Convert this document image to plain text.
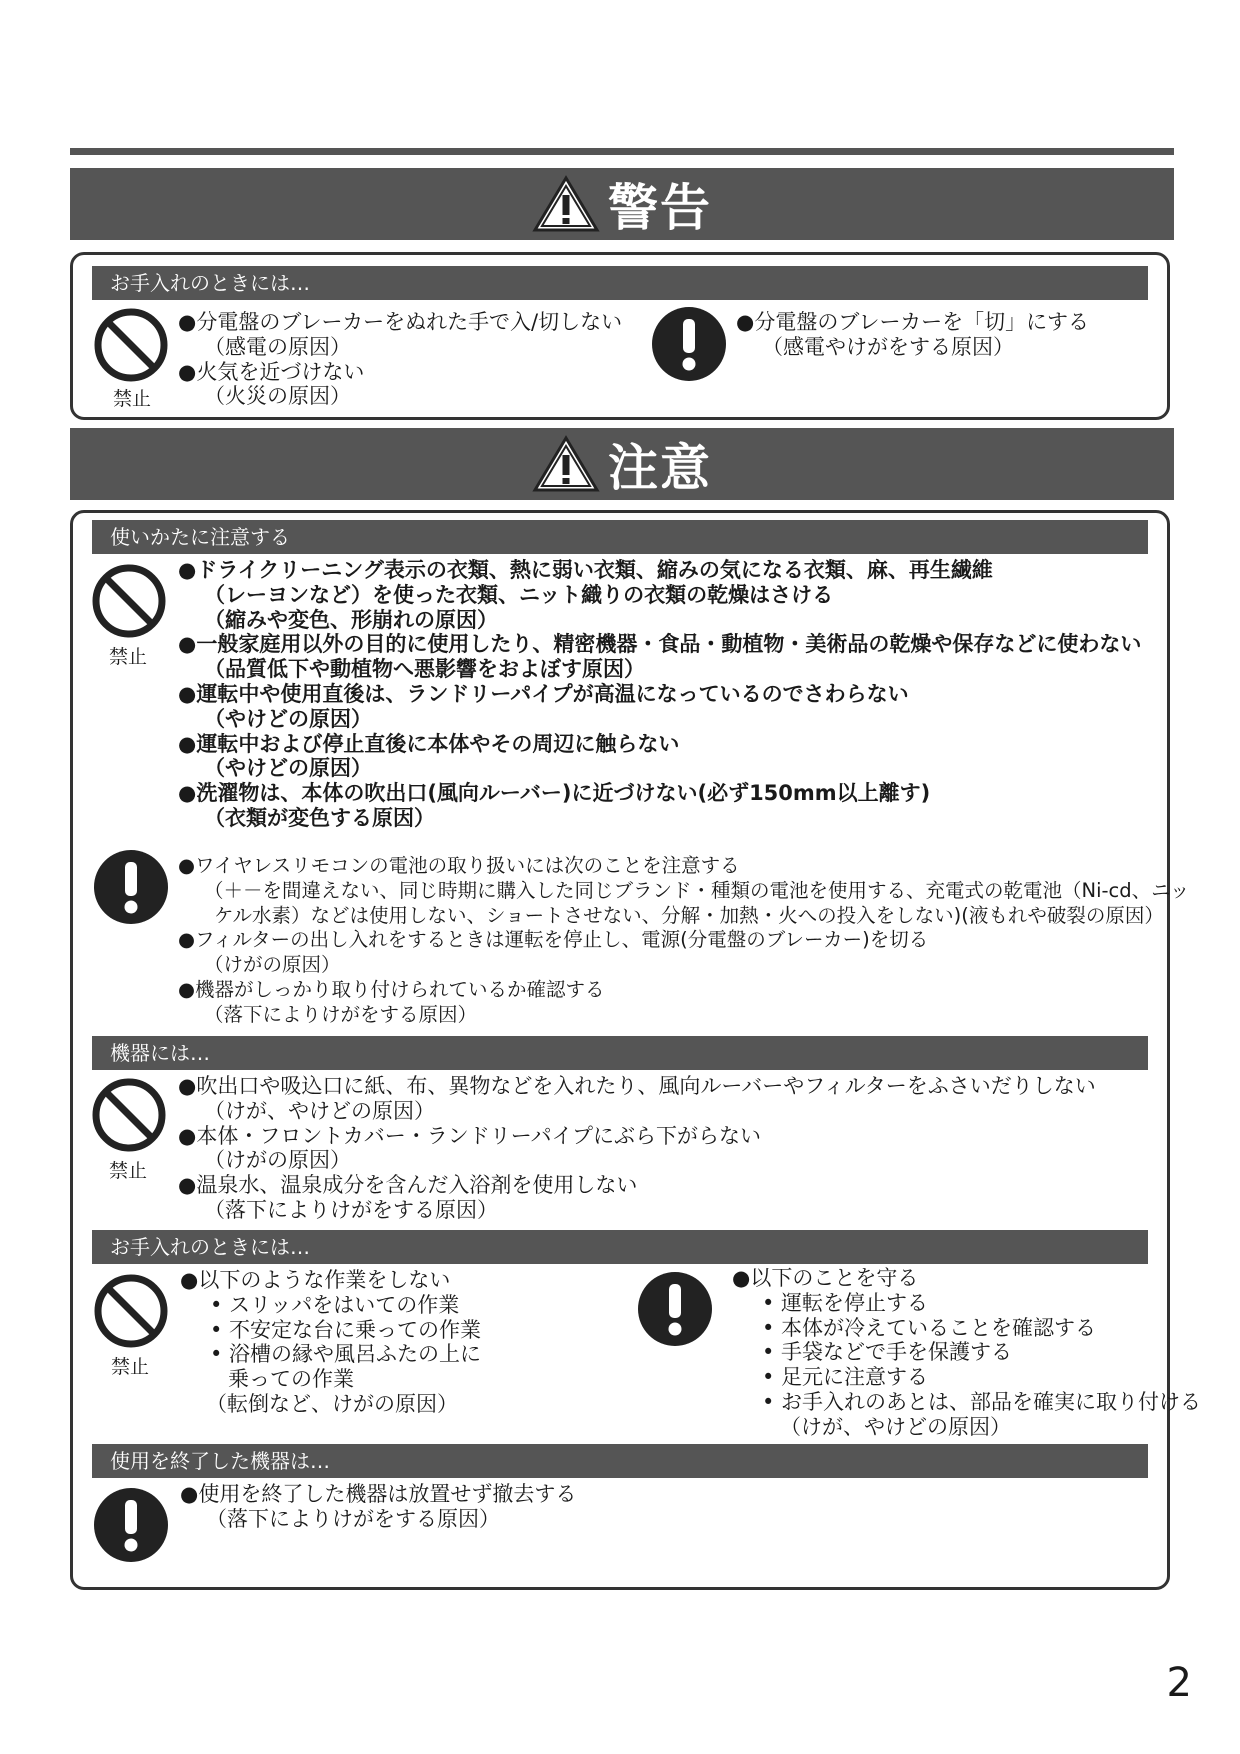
警告
お手入れのときには…
禁止
●分電盤のブレーカーをぬれた手で入/切しない
（感電の原因）
●火気を近づけない
（火災の原因）
●分電盤のブレーカーを「切」にする
（感電やけがをする原因）
注意
使いかたに注意する
禁止
●ドライクリーニング表示の衣類、熱に弱い衣類、縮みの気になる衣類、麻、再生繊維
（レーヨンなど）を使った衣類、ニット織りの衣類の乾燥はさける
（縮みや変色、形崩れの原因）
●一般家庭用以外の目的に使用したり、精密機器・食品・動植物・美術品の乾燥や保存などに使わない
（品質低下や動植物へ悪影響をおよぼす原因）
●運転中や使用直後は、ランドリーパイプが高温になっているのでさわらない
（やけどの原因）
●運転中および停止直後に本体やその周辺に触らない
（やけどの原因）
●洗濯物は、本体の吹出口(風向ルーバー)に近づけない(必ず150mm以上離す)
（衣類が変色する原因）
●ワイヤレスリモコンの電池の取り扱いには次のことを注意する
（＋－を間違えない、同じ時期に購入した同じブランド・種類の電池を使用する、充電式の乾電池（Ni-cd、ニッ
ケル水素）などは使用しない、ショートさせない、分解・加熱・火への投入をしない)(液もれや破裂の原因）
●フィルターの出し入れをするときは運転を停止し、電源(分電盤のブレーカー)を切る
（けがの原因）
●機器がしっかり取り付けられているか確認する
（落下によりけがをする原因）
機器には…
禁止
●吹出口や吸込口に紙、布、異物などを入れたり、風向ルーバーやフィルターをふさいだりしない
（けが、やけどの原因）
●本体・フロントカバー・ランドリーパイプにぶら下がらない
（けがの原因）
●温泉水、温泉成分を含んだ入浴剤を使用しない
（落下によりけがをする原因）
お手入れのときには…
禁止
●以下のような作業をしない
• スリッパをはいての作業
• 不安定な台に乗っての作業
• 浴槽の縁や風呂ふたの上に
乗っての作業
（転倒など、けがの原因）
●以下のことを守る
• 運転を停止する
• 本体が冷えていることを確認する
• 手袋などで手を保護する
• 足元に注意する
• お手入れのあとは、部品を確実に取り付ける
（けが、やけどの原因）
使用を終了した機器は…
●使用を終了した機器は放置せず撤去する
（落下によりけがをする原因）
2
